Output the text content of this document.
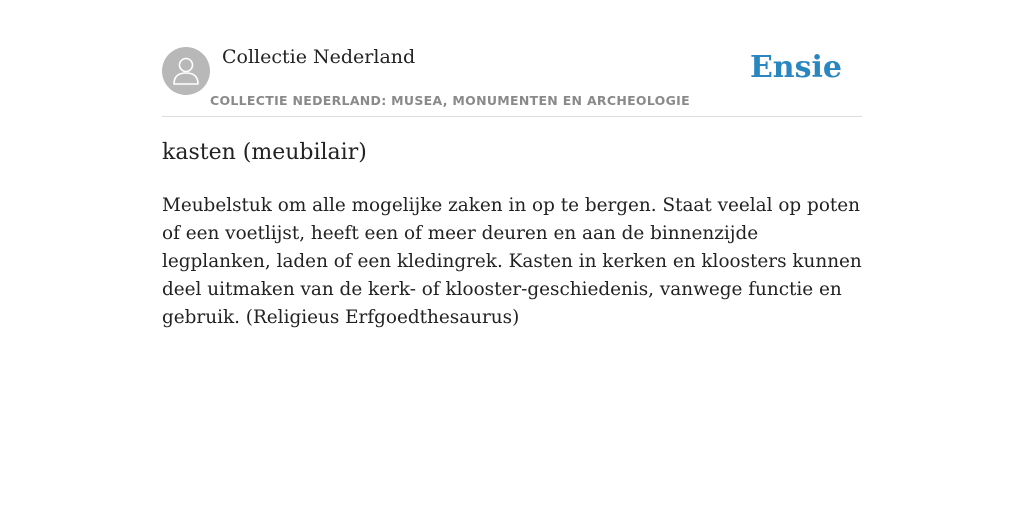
Collectie Nederland
COLLECTIE NEDERLAND: MUSEA, MONUMENTEN EN ARCHEOLOGIE
Ensie
kasten (meubilair)

Meubelstuk om alle mogelijke zaken in op te bergen. Staat veelal op poten of een voetlijst, heeft een of meer deuren en aan de binnenzijde legplanken, laden of een kledingrek. Kasten in kerken en kloosters kunnen deel uitmaken van de kerk- of klooster-geschiedenis, vanwege functie en gebruik. (Religieus Erfgoedthesaurus)
